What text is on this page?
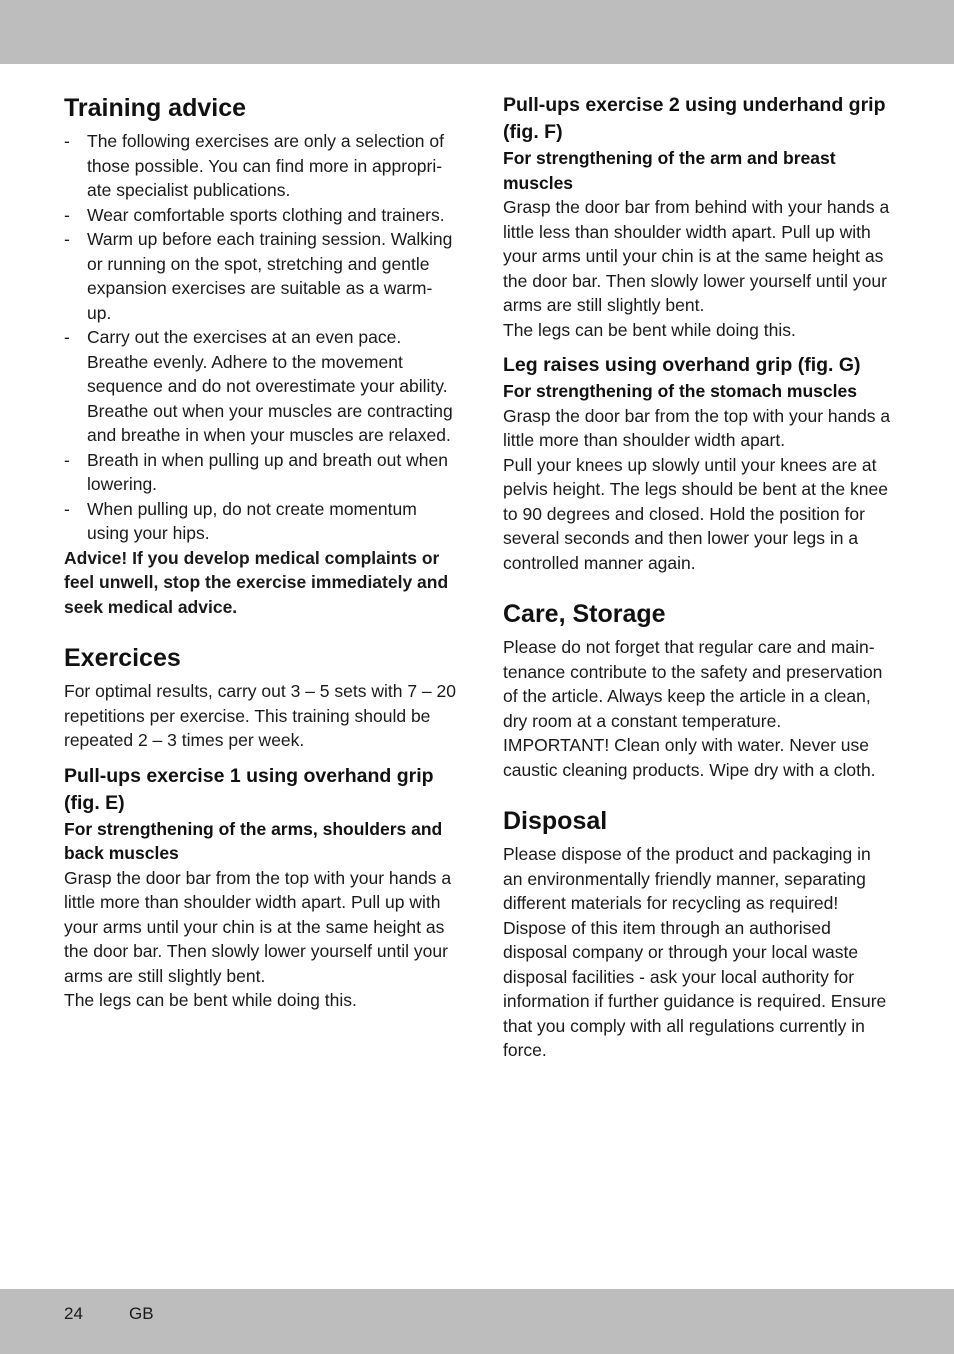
Training advice
- The following exercises are only a selection of those possible. You can find more in appropriate specialist publications.
- Wear comfortable sports clothing and trainers.
- Warm up before each training session. Walking or running on the spot, stretching and gentle expansion exercises are suitable as a warm-up.
- Carry out the exercises at an even pace. Breathe evenly. Adhere to the movement sequence and do not overestimate your ability. Breathe out when your muscles are contracting and breathe in when your muscles are relaxed.
- Breath in when pulling up and breath out when lowering.
- When pulling up, do not create momentum using your hips.

Advice! If you develop medical complaints or feel unwell, stop the exercise immediately and seek medical advice.

Exercices

For optimal results, carry out 3 – 5 sets with 7 – 20 repetitions per exercise. This training should be repeated 2 – 3 times per week.

Pull-ups exercise 1 using overhand grip (fig. E)

For strengthening of the arms, shoulders and back muscles

Grasp the door bar from the top with your hands a little more than shoulder width apart. Pull up with your arms until your chin is at the same height as the door bar. Then slowly lower yourself until your arms are still slightly bent.

The legs can be bent while doing this.

Pull-ups exercise 2 using underhand grip (fig. F)

For strengthening of the arm and breast muscles

Grasp the door bar from behind with your hands a little less than shoulder width apart. Pull up with your arms until your chin is at the same height as the door bar. Then slowly lower yourself until your arms are still slightly bent.

The legs can be bent while doing this.

Leg raises using overhand grip (fig. G)

For strengthening of the stomach muscles

Grasp the door bar from the top with your hands a little more than shoulder width apart.

Pull your knees up slowly until your knees are at pelvis height. The legs should be bent at the knee to 90 degrees and closed. Hold the position for several seconds and then lower your legs in a controlled manner again.

Care, Storage

Please do not forget that regular care and maintenance contribute to the safety and preservation of the article. Always keep the article in a clean, dry room at a constant temperature.

IMPORTANT! Clean only with water. Never use caustic cleaning products. Wipe dry with a cloth.

Disposal

Please dispose of the product and packaging in an environmentally friendly manner, separating different materials for recycling as required!

Dispose of this item through an authorised disposal company or through your local waste disposal facilities - ask your local authority for information if further guidance is required. Ensure that you comply with all regulations currently in force.

24	GB
